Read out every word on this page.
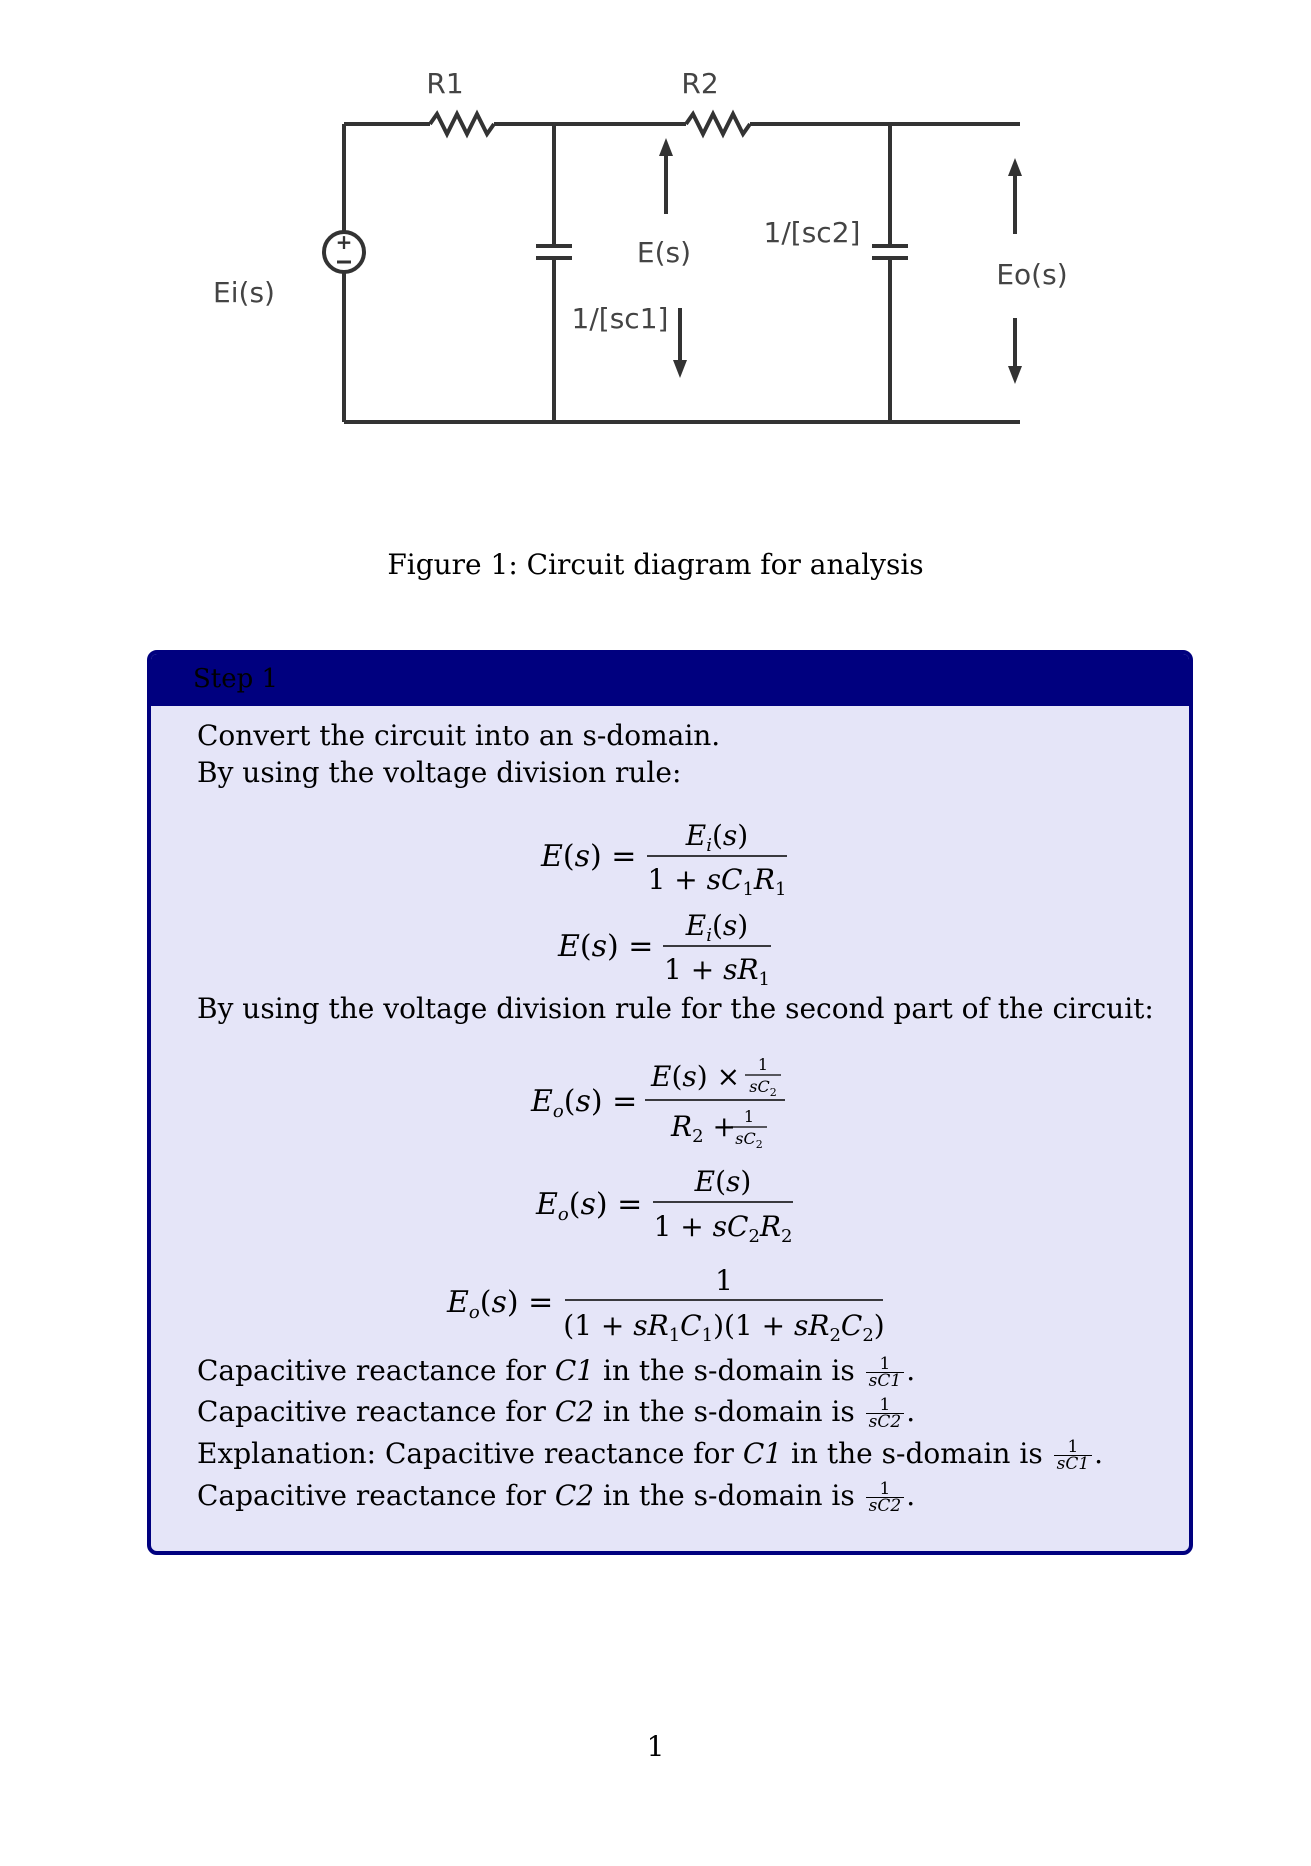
+
R1	R2
Ei(s)
E(s)
1/[sc1]
1/[sc2]
Eo(s)
Figure 1: Circuit diagram for analysis
Step 1
Convert the circuit into an s-domain.
By using the voltage division rule:
E(s) =
$E_i(s)$
$1 + sC_1R_1$
E(s) =
$E_i(s)$
$1 + sR_1$
By using the voltage division rule for the second part of the circuit:
$E_o(s)$ =
E(s) × 1
$sC_2$
$R_2 + 1$
$sC_2$
$E_o(s)$ =
E(s)
$1 + sC_2R_2$
$E_o(s)$ =
1
$(1 + sR_1C_1)(1 + sR_2C_2)$
Capacitive reactance for C1 in the s-domain is $\frac{1}{sC1}$ .
Capacitive reactance for C2 in the s-domain is $\frac{1}{sC2}$ .
Explanation: Capacitive reactance for C1 in the s-domain is $\frac{1}{sC1}$ .
Capacitive reactance for C2 in the s-domain is $\frac{1}{sC2}$ .
1
